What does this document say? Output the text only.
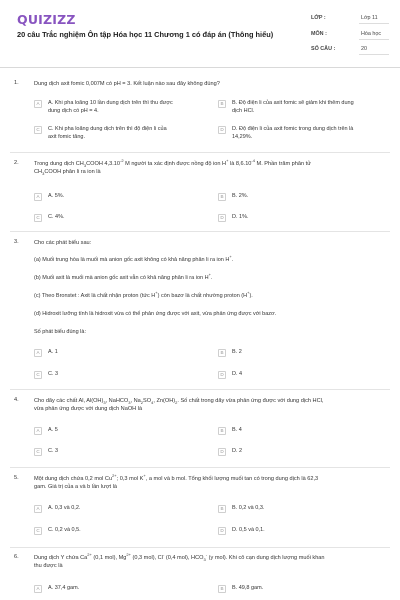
QUIZIZZ
20 câu Trắc nghiệm Ôn tập Hóa học 11 Chương 1 có đáp án (Thông hiểu)
LỚP :	Lớp 11
MÔN :	Hóa học
SỐ CÂU :	20
1.	Dung dịch axit fomic 0,007M có pH = 3. Kết luận nào sau đây không đúng?
A	A. Khi pha loãng 10 lần dung dịch trên thì thu được
dung dịch có pH = 4.
B	B. Độ điện li của axit fomic sẽ giảm khi thêm dung
dịch HCl.
C	C. Khi pha loãng dung dịch trên thì độ điện li của
axit fomic tăng.
D	D. Độ điện li của axit fomic trong dung dịch trên là
14,29%.
2.	Trong dung dịch $CH_3COOH$ $4,3.10^{-2}$ M người ta xác định được nồng độ ion H+ là $8,6.10^{-4}$ M. Phần trăm phân tử
$CH_3COOH$ phân li ra ion là
A	A. 5%.	B	B. 2%.
C	C. 4%.	D	D. 1%.
3.	Cho các phát biểu sau:
(a) Muối trung hòa là muối mà anion gốc axit không có khả năng phân li ra ion H+.
(b) Muối axit là muối mà anion gốc axit vẫn có khả năng phân li ra ion H+.
(c) Theo Bronstet : Axit là chất nhận proton (tức H+) còn bazơ là chất nhường proton (H+).
(d) Hidroxit lưỡng tính là hidroxit vừa có thể phản ứng được với axit, vừa phản ứng được với bazơ.
Số phát biểu đúng là:
A	A. 1	B	B. 2
C	C. 3	D	D. 4
4.	Cho dãy các chất Al, $Al(OH)_3$, NaHCO$_3$, $Na_2SO_4$, $Zn(OH)_2$. Số chất trong dãy vừa phản ứng được với dung dịch HCl,
vừa phản ứng được với dung dịch NaOH là
A	A. 5	B	B. 4
C	C. 3	D	D. 2
5.	Một dung dịch chứa 0,2 mol $Cu^{2+}$; 0,3 mol K+, a mol và b mol. Tổng khối lượng muối tan có trong dung dịch là 62,3
gam. Giá trị của a và b lần lượt là
A	A. 0,3 và 0,2.	B	B. 0,2 và 0,3.
C	C. 0,2 và 0,5.	D	D. 0,5 và 0,1.
6.	Dung dịch Y chứa $Ca^{2+}$ (0,1 mol), $Mg^{2+}$ (0,3 mol), Cl- (0,4 mol), $HCO_3^-$ (y mol). Khi cô cạn dung dịch lượng muối khan
thu được là
A	A. 37,4 gam.	B	B. 49,8 gam.
